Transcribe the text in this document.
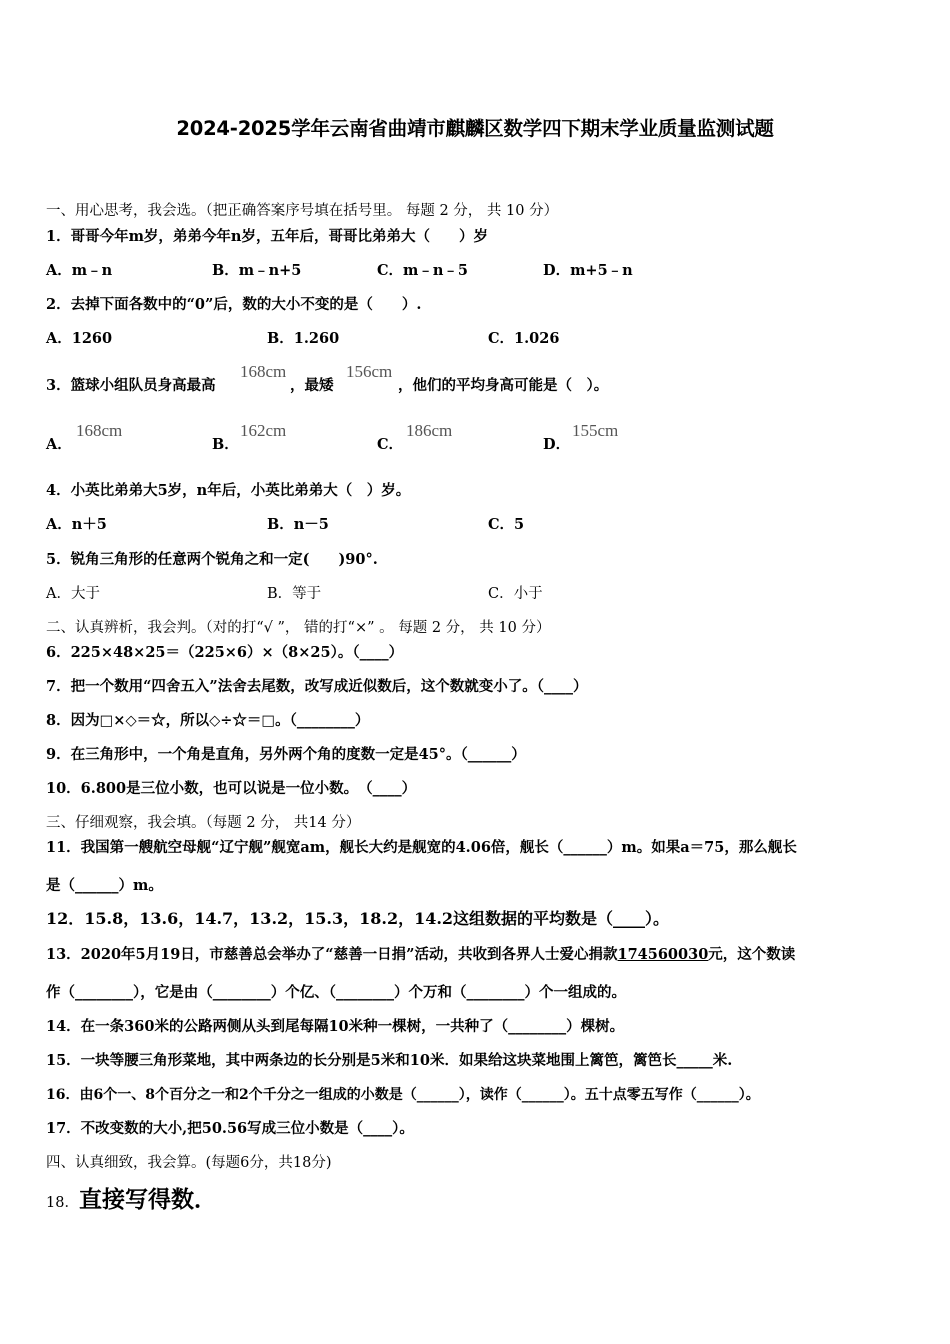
2024-2025学年云南省曲靖市麒麟区数学四下期末学业质量监测试题
一、用心思考，我会选。（把正确答案序号填在括号里。 每题 2 分， 共 10 分）
1．哥哥今年m岁，弟弟今年n岁，五年后，哥哥比弟弟大（　　）岁
A．m﹣n	B．m﹣n+5	C．m﹣n﹣5	D．m+5﹣n
2．去掉下面各数中的“0”后，数的大小不变的是（　　）.
A．1260	B．1.260	C．1.026
3．篮球小组队员身高最高
168cm
，最矮
156cm
，他们的平均身高可能是（　）。
A．
168cm
B．
162cm
C．
186cm
D．
155cm
4．小英比弟弟大5岁，n年后，小英比弟弟大（　）岁。
A．n＋5	B．n－5	C．5
5．锐角三角形的任意两个锐角之和一定(　　)90°.
A．大于	B．等于	C．小于
二、认真辨析，我会判。（对的打“√ ”， 错的打“×” 。 每题 2 分， 共 10 分）
6．225×48×25＝（225×6）×（8×25）。（____）
7．把一个数用“四舍五入”法舍去尾数，改写成近似数后，这个数就变小了。（____）
8．因为□×◇＝☆，所以◇÷☆＝□。（________）
9．在三角形中，一个角是直角，另外两个角的度数一定是45°。（______）
10．6.800是三位小数，也可以说是一位小数。　（____）
三、仔细观察，我会填。（每题 2 分， 共14 分）
11．我国第一艘航空母舰“辽宁舰”舰宽am，舰长大约是舰宽的4.06倍，舰长（______）m。如果a＝75，那么舰长
是（______）m。
12．15.8，13.6，14.7，13.2，15.3，18.2，14.2这组数据的平均数是（____）。
13．2020年5月19日，市慈善总会举办了“慈善一日捐”活动，共收到各界人士爱心捐款174560030元，这个数读
作（________），它是由（________）个亿、（________）个万和（________）个一组成的。
14．在一条360米的公路两侧从头到尾每隔10米种一棵树，一共种了（________）棵树。
15．一块等腰三角形菜地，其中两条边的长分别是5米和10米．如果给这块菜地围上篱笆，篱笆长_____米.
16．由6个一、8个百分之一和2个千分之一组成的小数是（______），读作（______）。五十点零五写作（______）。
17．不改变数的大小,把50.56写成三位小数是（____）。
四、认真细致，我会算。(每题6分，共18分)
18．直接写得数．
